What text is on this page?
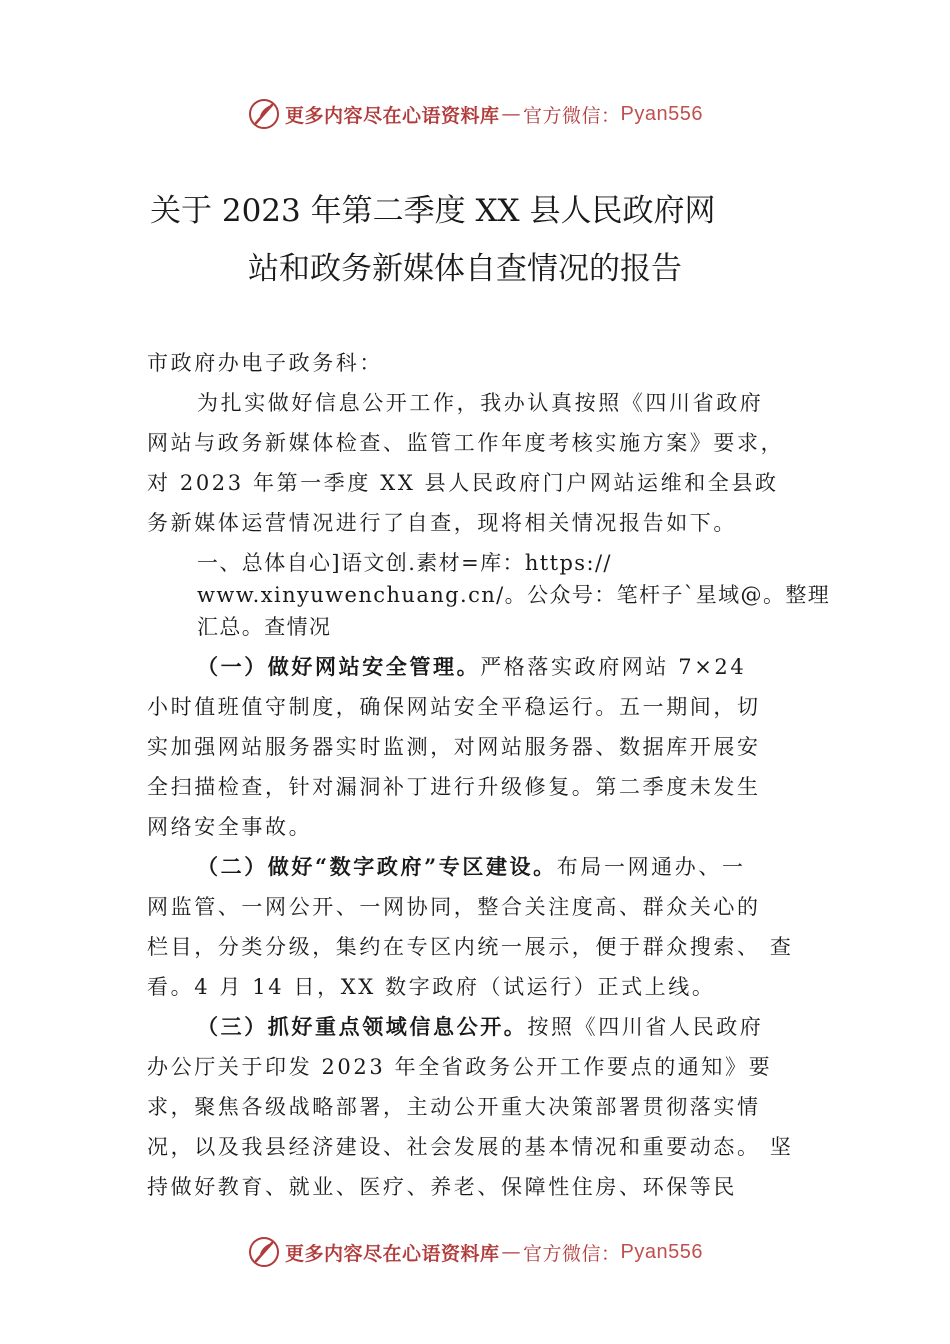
更多内容尽在心语资料库 — 官方微信： Pyan556
关于 2023 年第二季度 XX 县人民政府网
站和政务新媒体自查情况的报告

市政府办电子政务科：

为扎实做好信息公开工作，我办认真按照《四川省政府

网站与政务新媒体检查、监管工作年度考核实施方案》要求，

对 2023 年第一季度 XX 县人民政府门户网站运维和全县政

务新媒体运营情况进行了自查，现将相关情况报告如下。

一、总体自心]语文创.素材=库：https://

www.xinyuwenchuang.cn/。公众号：笔杆子`星域@。整理

汇总。查情况

（一）做好网站安全管理。严格落实政府网站 7×24

小时值班值守制度，确保网站安全平稳运行。五一期间，切

实加强网站服务器实时监测，对网站服务器、数据库开展安

全扫描检查，针对漏洞补丁进行升级修复。第二季度未发生

网络安全事故。

（二）做好“数字政府”专区建设。布局一网通办、一

网监管、一网公开、一网协同，整合关注度高、群众关心的

栏目，分类分级，集约在专区内统一展示，便于群众搜索、 查

看。4 月 14 日，XX 数字政府（试运行）正式上线。

（三）抓好重点领域信息公开。按照《四川省人民政府

办公厅关于印发 2023 年全省政务公开工作要点的通知》要

求，聚焦各级战略部署，主动公开重大决策部署贯彻落实情

况，以及我县经济建设、社会发展的基本情况和重要动态。 坚

持做好教育、就业、医疗、养老、保障性住房、环保等民

更多内容尽在心语资料库 — 官方微信： Pyan556
